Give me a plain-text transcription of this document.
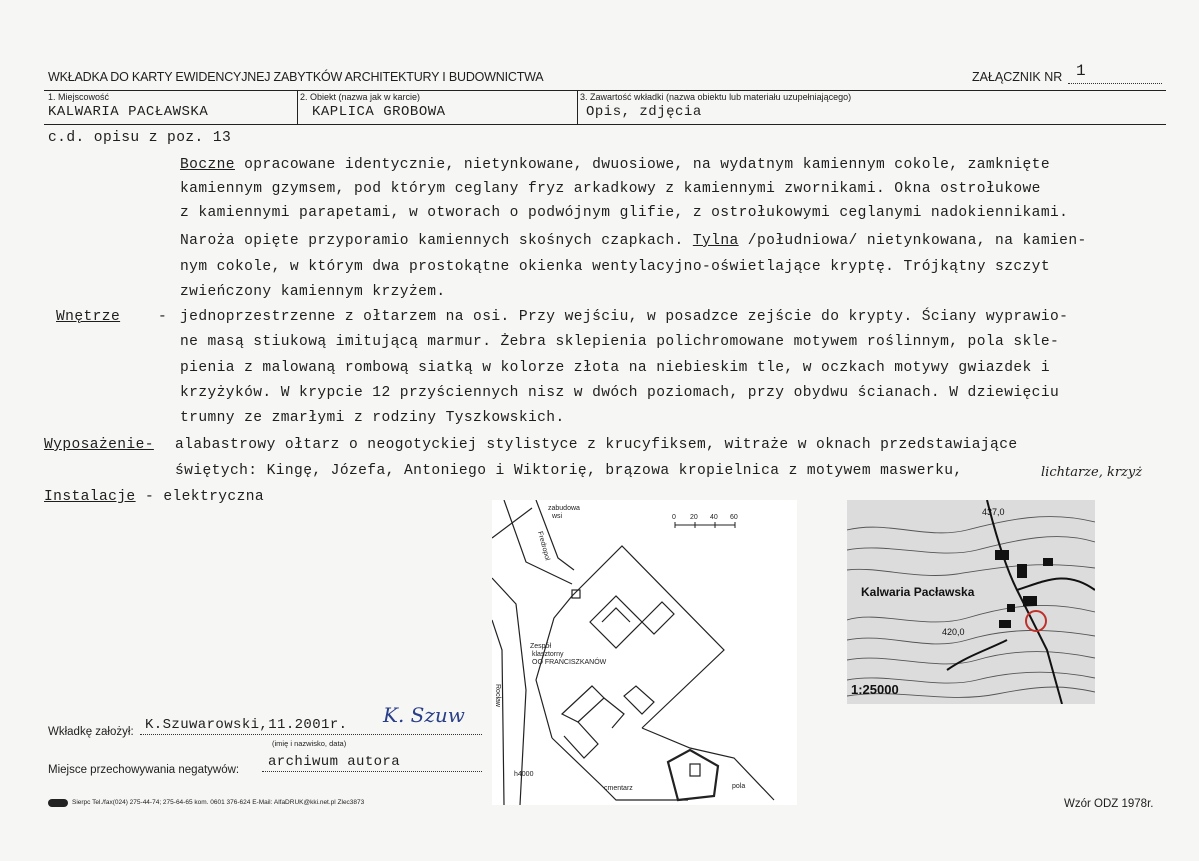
WKŁADKA DO KARTY EWIDENCYJNEJ ZABYTKÓW ARCHITEKTURY I BUDOWNICTWA	ZAŁĄCZNIK NR 1
1. Miejscowość
KALWARIA PACŁAWSKA
2. Obiekt (nazwa jak w karcie)
KAPLICA GROBOWA
3. Zawartość wkładki (nazwa obiektu lub materiału uzupełniającego)
Opis, zdjęcia
c.d. opisu z poz. 13
Boczne opracowane identycznie, nietynkowane, dwuosiowe, na wydatnym kamiennym cokole, zamknięte
kamiennym gzymsem, pod którym ceglany fryz arkadkowy z kamiennymi zwornikami. Okna ostrołukowe
z kamiennymi parapetami, w otworach o podwójnym glifie, z ostrołukowymi ceglanymi nadokiennikami.
Naroża opięte przyporamio kamiennych skośnych czapkach. Tylna /południowa/ nietynkowana, na kamien-
nym cokole, w którym dwa prostokątne okienka wentylacyjno-oświetlające kryptę. Trójkątny szczyt
zwieńczony kamiennym krzyżem.
Wnętrze	- jednoprzestrzenne z ołtarzem na osi. Przy wejściu, w posadzce zejście do krypty. Ściany wyprawio-
ne masą stiukową imitującą marmur. Żebra sklepienia polichromowane motywem roślinnym, pola skle-
pienia z malowaną rombową siatką w kolorze złota na niebieskim tle, w oczkach motywy gwiazdek i
krzyżyków. W krypcie 12 przyściennych nisz w dwóch poziomach, przy obydwu ścianach. W dziewięciu
trumny ze zmarłymi z rodziny Tyszkowskich.
Wyposażenie- alabastrowy ołtarz o neogotyckiej stylistyce z krucyfiksem, witraże w oknach przedstawiające
świętych: Kingę, Józefa, Antoniego i Wiktorię, brązowa kropielnica z motywem maswerku,	lichtarze, krzyż
Instalacje - elektryczna
0 20 40 60
zabudowa
wsi
Fredropol
Zespół
klasztorny
OO FRANCISZKANÓW
Rocław
h4000
cmentarz	pola
Kalwaria Pacławska
437,0
420,0
1:25000
Wkładkę założył: K.Szuwarowski,11.2001r. K. Szuw
(imię i nazwisko, data)
Miejsce przechowywania negatywów: archiwum autora
Sierpc Tel./fax(024) 275-44-74; 275-64-65 kom. 0601 376-624 E-Mail: AlfaDRUK@kki.net.pl Zlec3873	Wzór ODZ 1978r.
